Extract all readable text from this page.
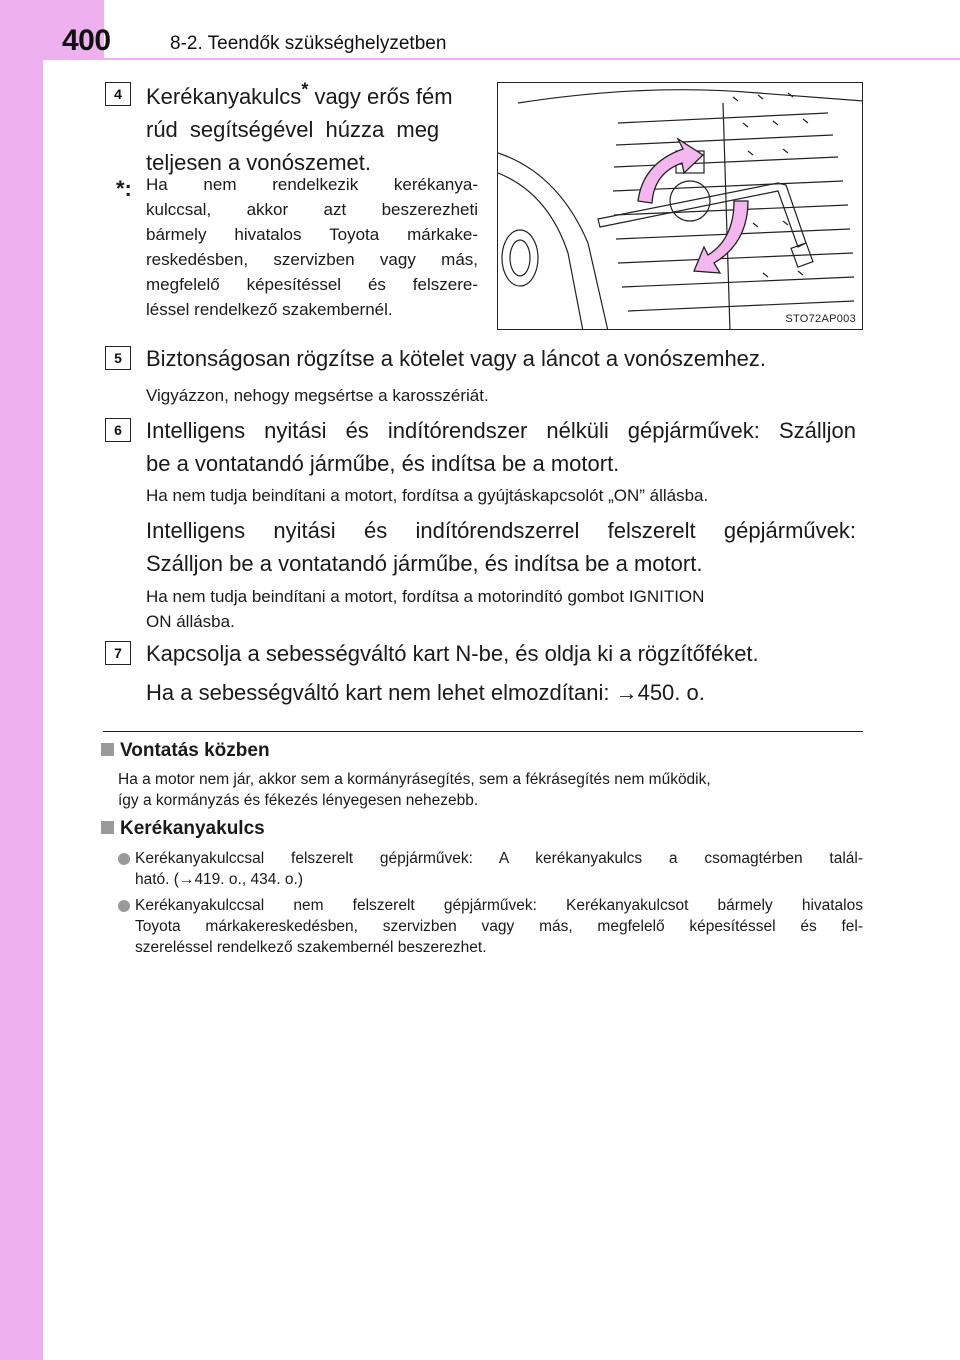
400	8-2. Teendők szükséghelyzetben
4	Kerékanyakulcs* vagy erős fém
rúd segítségével húzza meg
teljesen a vonószemet.
*: Ha nem rendelkezik kerékanya-
kulccsal, akkor azt beszerezheti
bármely hivatalos Toyota márkake-
reskedésben, szervizben vagy más,
megfelelő képesítéssel és felszere-
léssel rendelkező szakembernél.	STO72AP003
5	Biztonságosan rögzítse a kötelet vagy a láncot a vonószemhez.
Vigyázzon, nehogy megsértse a karosszériát.
6	Intelligens nyitási és indítórendszer nélküli gépjárművek: Szálljon
be a vontatandó járműbe, és indítsa be a motort.
Ha nem tudja beindítani a motort, fordítsa a gyújtáskapcsolót „ON” állásba.
Intelligens nyitási és indítórendszerrel felszerelt gépjárművek:
Szálljon be a vontatandó járműbe, és indítsa be a motort.
Ha nem tudja beindítani a motort, fordítsa a motorindító gombot IGNITION
ON állásba.
7	Kapcsolja a sebességváltó kart N-be, és oldja ki a rögzítőféket.
Ha a sebességváltó kart nem lehet elmozdítani: →450. o.
Vontatás közben
Ha a motor nem jár, akkor sem a kormányrásegítés, sem a fékrásegítés nem működik,
így a kormányzás és fékezés lényegesen nehezebb.
Kerékanyakulcs
Kerékanyakulccsal felszerelt gépjárművek: A kerékanyakulcs a csomagtérben talál-
ható. (→419. o., 434. o.)
Kerékanyakulccsal nem felszerelt gépjárművek: Kerékanyakulcsot bármely hivatalos
Toyota márkakereskedésben, szervizben vagy más, megfelelő képesítéssel és fel-
szereléssel rendelkező szakembernél beszerezhet.
